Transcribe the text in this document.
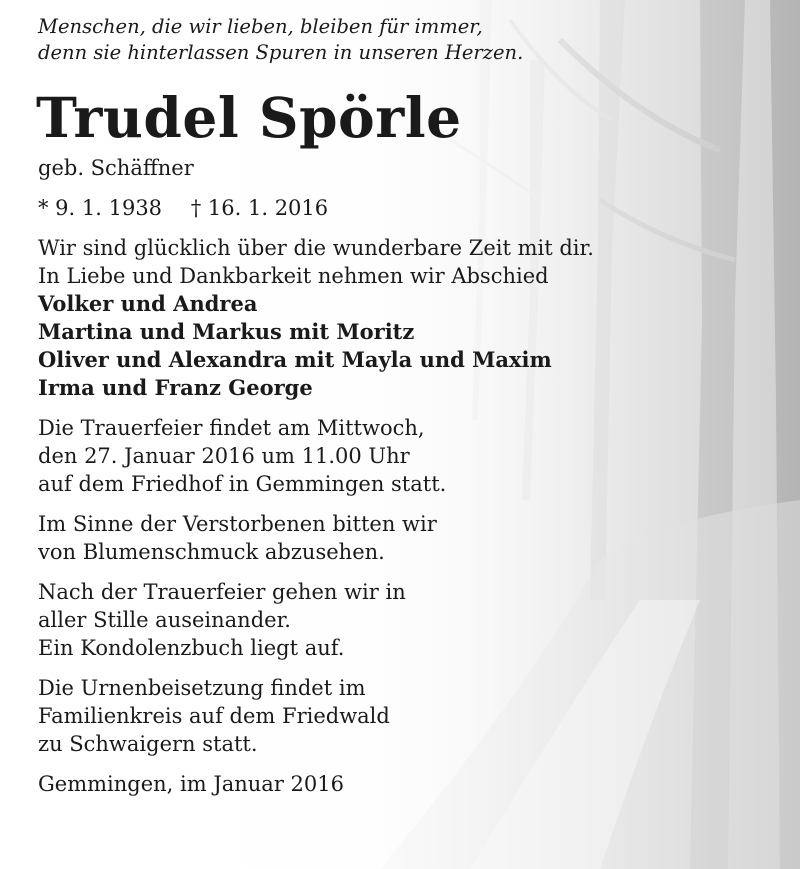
Menschen, die wir lieben, bleiben für immer,
denn sie hinterlassen Spuren in unseren Herzen.
Trudel Spörle
geb. Schäffner
* 9. 1. 1938 † 16. 1. 2016
Wir sind glücklich über die wunderbare Zeit mit dir.
In Liebe und Dankbarkeit nehmen wir Abschied
Volker und Andrea
Martina und Markus mit Moritz
Oliver und Alexandra mit Mayla und Maxim
Irma und Franz George
Die Trauerfeier findet am Mittwoch,
den 27. Januar 2016 um 11.00 Uhr
auf dem Friedhof in Gemmingen statt.
Im Sinne der Verstorbenen bitten wir
von Blumenschmuck abzusehen.
Nach der Trauerfeier gehen wir in
aller Stille auseinander.
Ein Kondolenzbuch liegt auf.
Die Urnenbeisetzung findet im
Familienkreis auf dem Friedwald
zu Schwaigern statt.
Gemmingen, im Januar 2016
